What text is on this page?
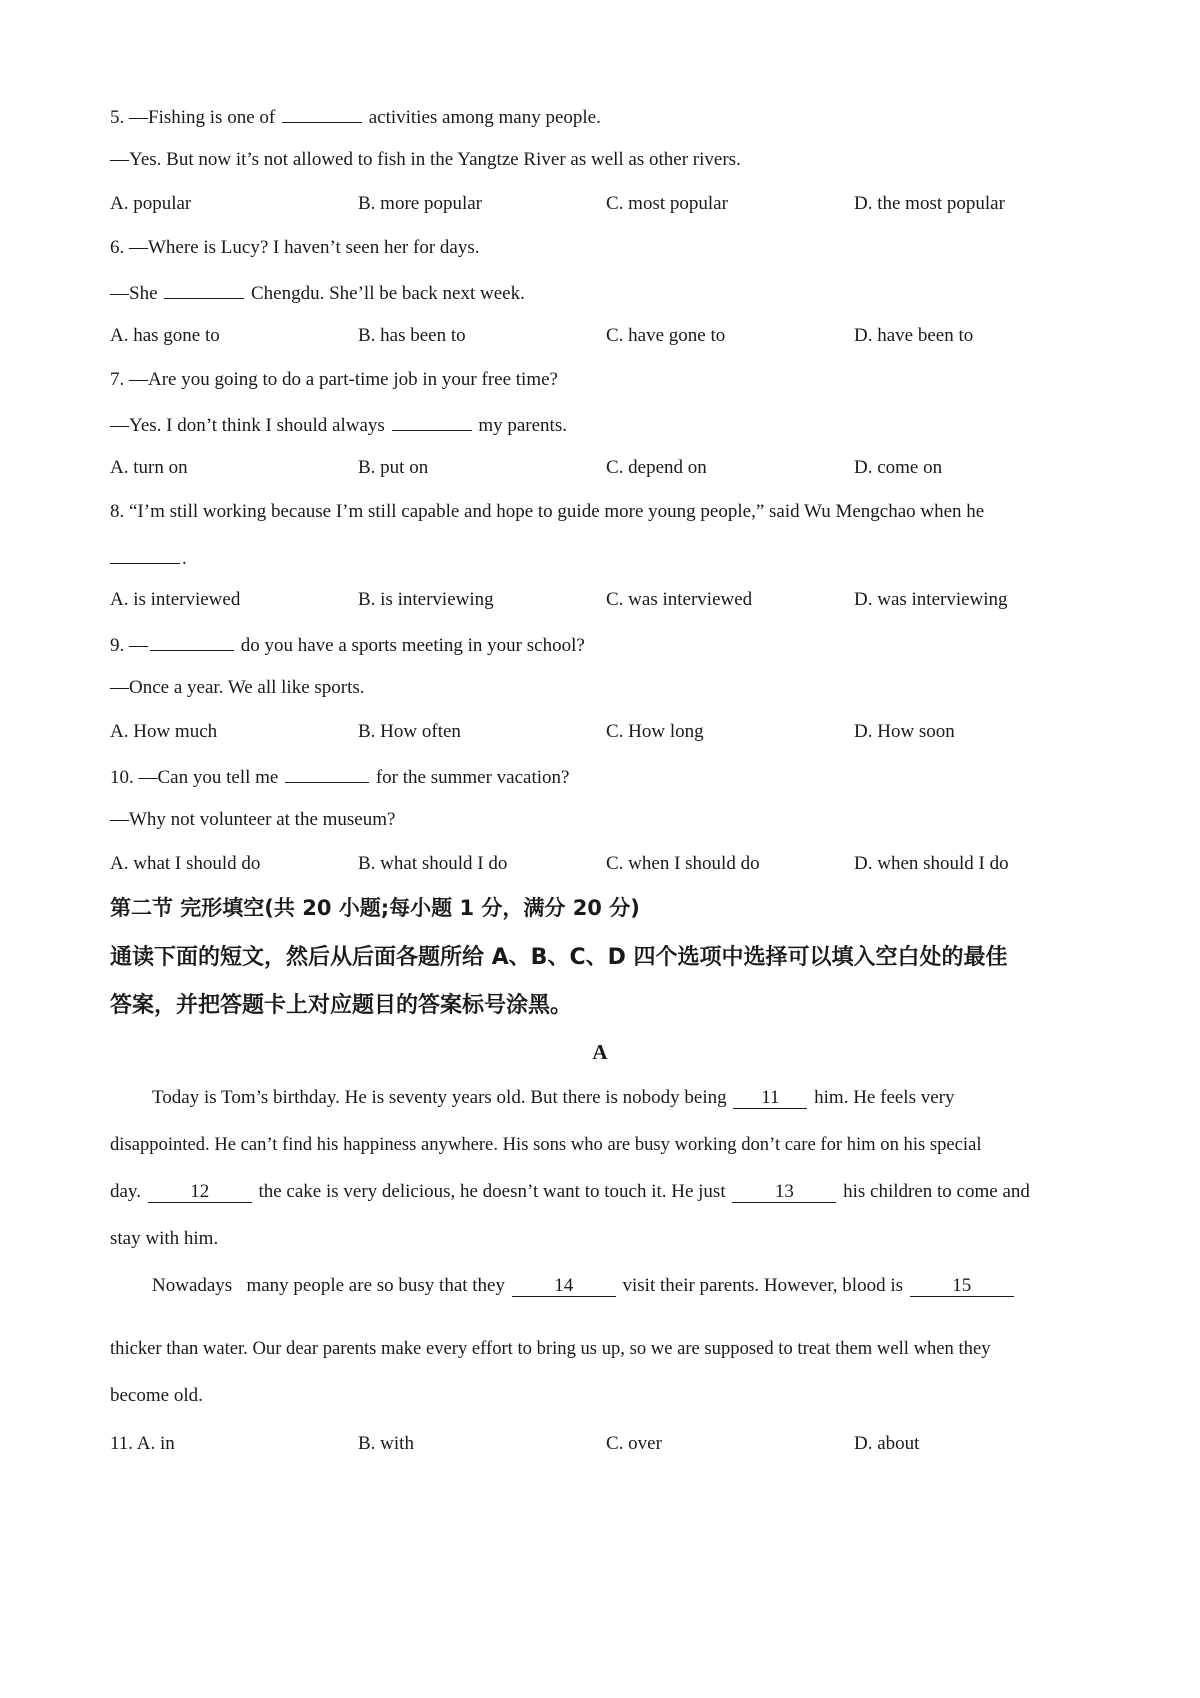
5. —Fishing is one of	activities among many people.
—Yes. But now it’s not allowed to fish in the Yangtze River as well as other rivers.
A. popular	B. more popular	C. most popular	D. the most popular
6. —Where is Lucy? I haven’t seen her for days.
—She	Chengdu. She’ll be back next week.
A. has gone to	B. has been to	C. have gone to	D. have been to
7. —Are you going to do a part-time job in your free time?
—Yes. I don’t think I should always	my parents.
A. turn on	B. put on	C. depend on	D. come on
8. “I’m still working because I’m still capable and hope to guide more young people,” said Wu Mengchao when he
.
A. is interviewed	B. is interviewing	C. was interviewed	D. was interviewing
9. —	do you have a sports meeting in your school?
—Once a year. We all like sports.
A. How much	B. How often	C. How long	D. How soon
10. —Can you tell me	for the summer vacation?
—Why not volunteer at the museum?
A. what I should do	B. what should I do	C. when I should do	D. when should I do
第二节 完形填空(共 20 小题;每小题 1 分，满分 20 分)
通读下面的短文，然后从后面各题所给 A、B、C、D 四个选项中选择可以填入空白处的最佳
答案，并把答题卡上对应题目的答案标号涂黑。
A
Today is Tom’s birthday. He is seventy years old. But there is nobody being 11 him. He feels very
disappointed. He can’t find his happiness anywhere. His sons who are busy working don’t care for him on his special
day.	12	the cake is very delicious, he doesn’t want to touch it. He just	13	his children to come and
stay with him.
Nowadays   many people are so busy that they	14	visit their parents. However, blood is	15
thicker than water. Our dear parents make every effort to bring us up, so we are supposed to treat them well when they
become old.
11. A. in	B. with	C. over	D. about
